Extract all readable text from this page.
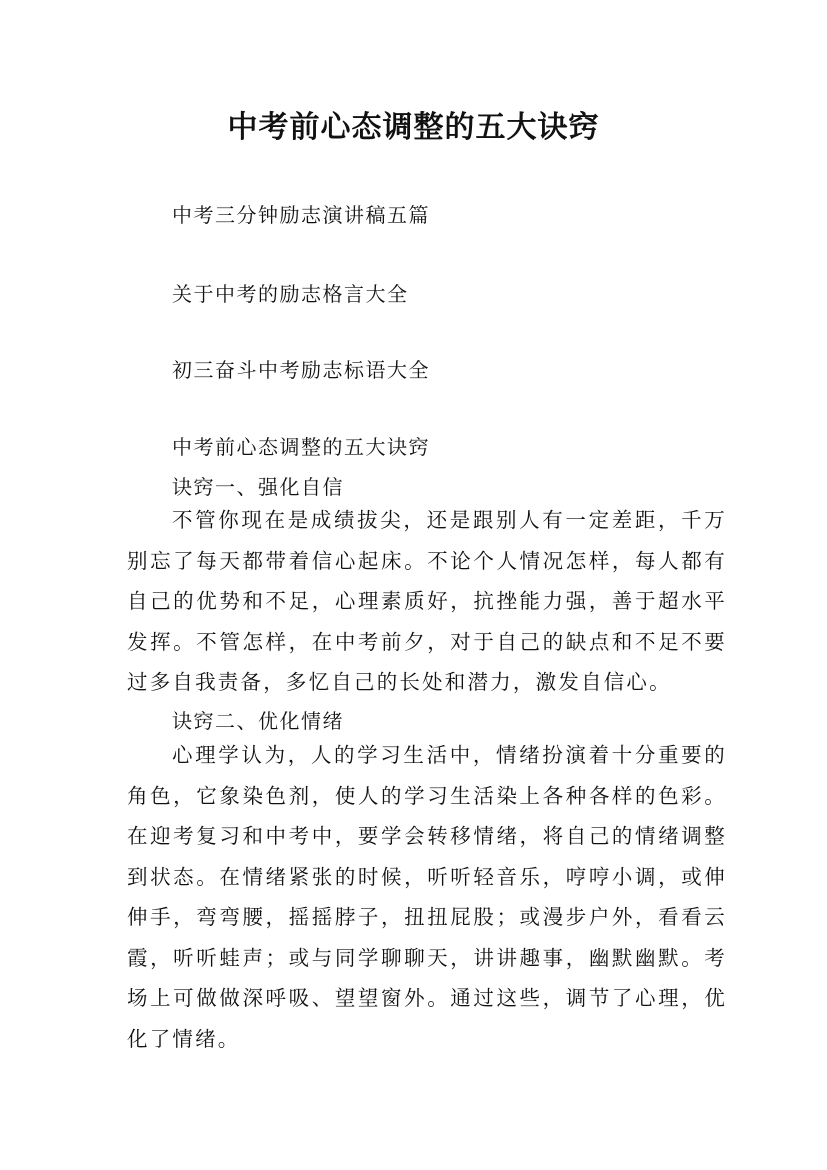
中考前心态调整的五大诀窍

中考三分钟励志演讲稿五篇

关于中考的励志格言大全

初三奋斗中考励志标语大全

中考前心态调整的五大诀窍

诀窍一、强化自信

不管你现在是成绩拔尖，还是跟别人有一定差距，千万别忘了每天都带着信心起床。不论个人情况怎样，每人都有自己的优势和不足，心理素质好，抗挫能力强，善于超水平发挥。不管怎样，在中考前夕，对于自己的缺点和不足不要过多自我责备，多忆自己的长处和潜力，激发自信心。

诀窍二、优化情绪

心理学认为，人的学习生活中，情绪扮演着十分重要的角色，它象染色剂，使人的学习生活染上各种各样的色彩。在迎考复习和中考中，要学会转移情绪，将自己的情绪调整到状态。在情绪紧张的时候，听听轻音乐，哼哼小调，或伸伸手，弯弯腰，摇摇脖子，扭扭屁股；或漫步户外，看看云霞，听听蛙声；或与同学聊聊天，讲讲趣事，幽默幽默。考场上可做做深呼吸、望望窗外。通过这些，调节了心理，优化了情绪。
